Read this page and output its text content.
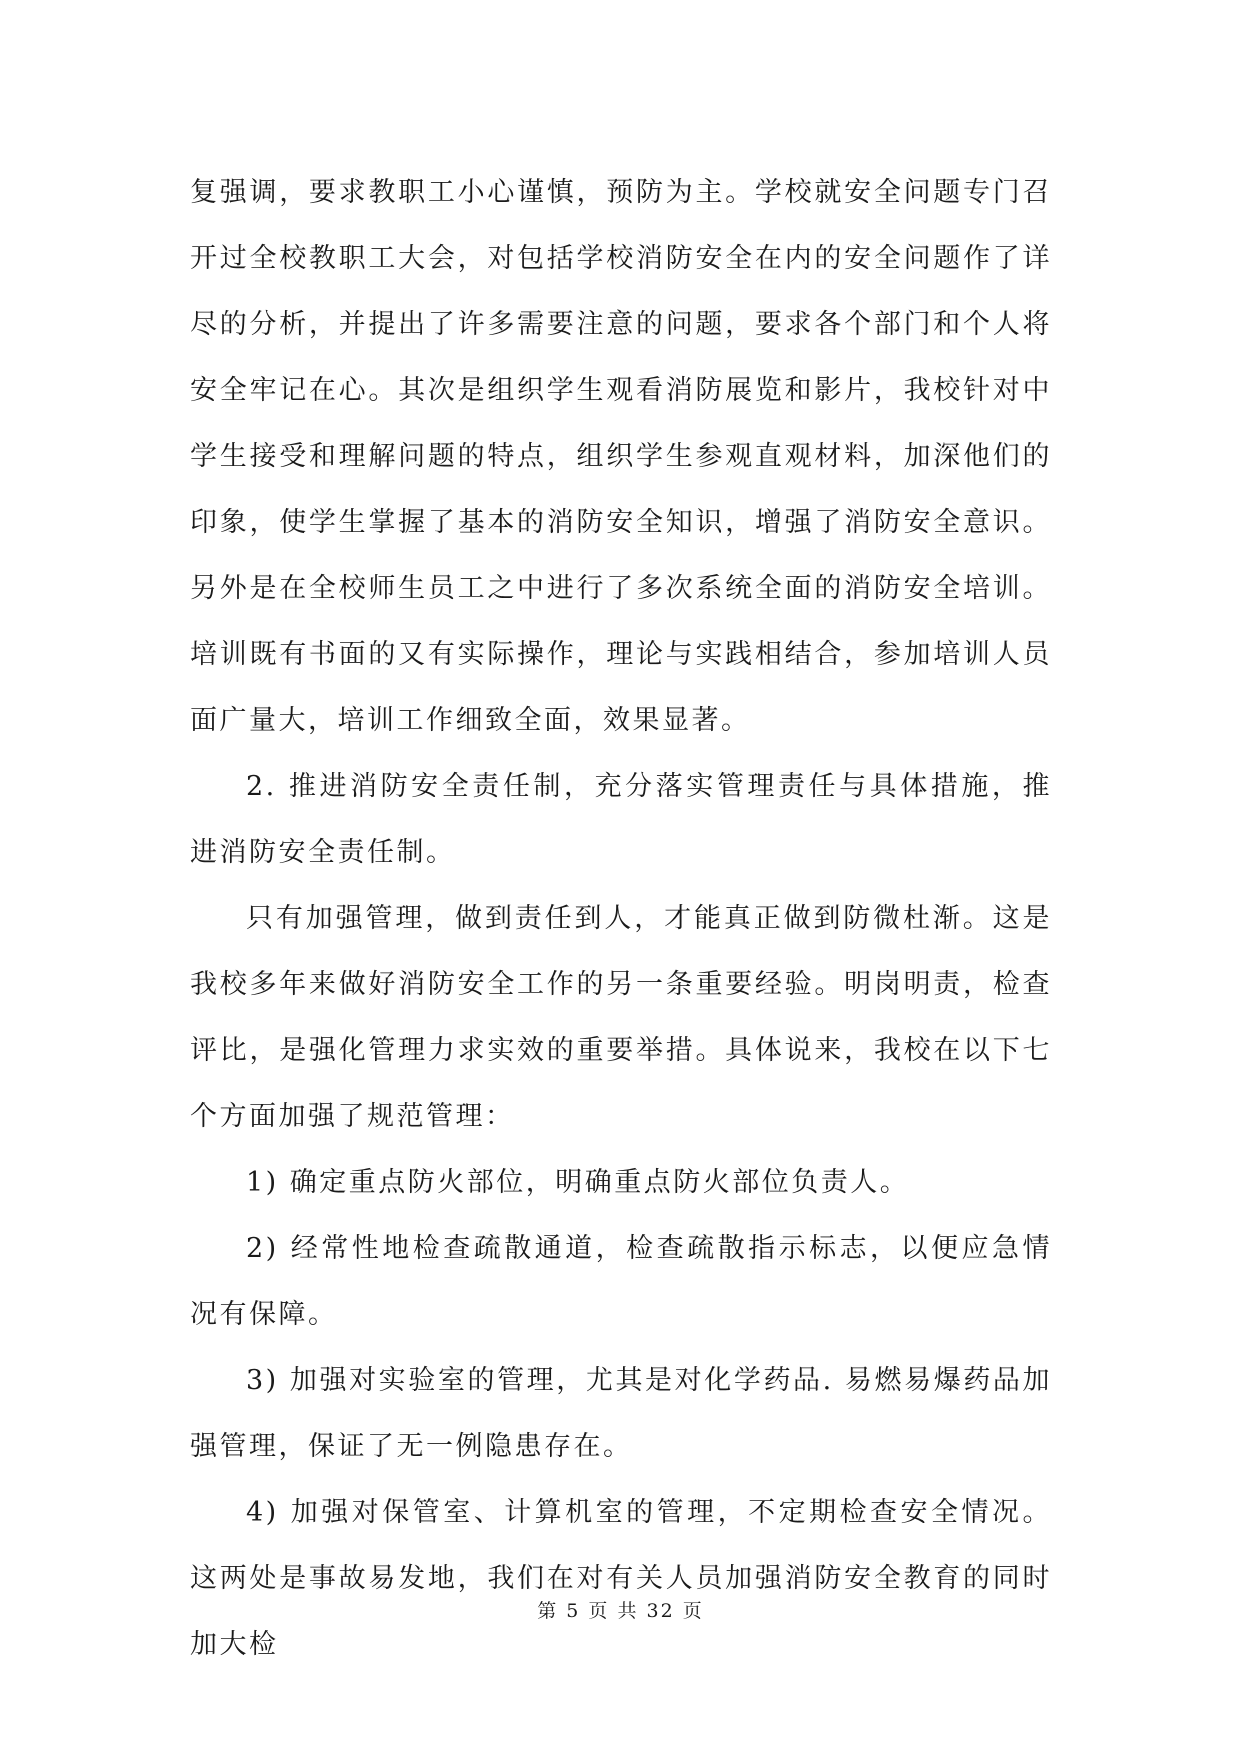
复强调，要求教职工小心谨慎，预防为主。学校就安全问题专门召开过全校教职工大会，对包括学校消防安全在内的安全问题作了详尽的分析，并提出了许多需要注意的问题，要求各个部门和个人将安全牢记在心。其次是组织学生观看消防展览和影片，我校针对中学生接受和理解问题的特点，组织学生参观直观材料，加深他们的印象，使学生掌握了基本的消防安全知识，增强了消防安全意识。另外是在全校师生员工之中进行了多次系统全面的消防安全培训。培训既有书面的又有实际操作，理论与实践相结合，参加培训人员面广量大，培训工作细致全面，效果显著。

2. 推进消防安全责任制，充分落实管理责任与具体措施，推进消防安全责任制。

只有加强管理，做到责任到人，才能真正做到防微杜渐。这是我校多年来做好消防安全工作的另一条重要经验。明岗明责，检查评比，是强化管理力求实效的重要举措。具体说来，我校在以下七个方面加强了规范管理：

1) 确定重点防火部位，明确重点防火部位负责人。

2) 经常性地检查疏散通道，检查疏散指示标志，以便应急情况有保障。

3) 加强对实验室的管理，尤其是对化学药品. 易燃易爆药品加强管理，保证了无一例隐患存在。

4) 加强对保管室、计算机室的管理，不定期检查安全情况。这两处是事故易发地，我们在对有关人员加强消防安全教育的同时加大检

第 5 页 共 32 页
